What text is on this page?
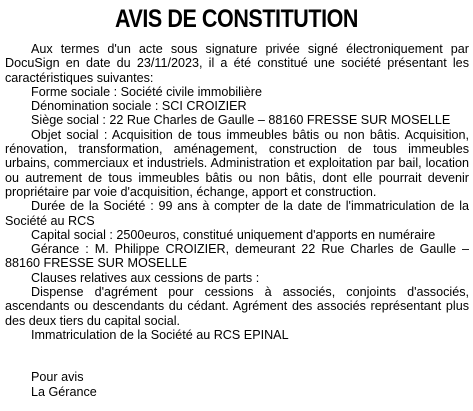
AVIS DE CONSTITUTION

Aux termes d'un acte sous signature privée signé électroniquement par DocuSign en date du 23/11/2023, il a été constitué une société présentant les caractéristiques suivantes:

Forme sociale : Société civile immobilière

Dénomination sociale : SCI CROIZIER

Siège social : 22 Rue Charles de Gaulle – 88160 FRESSE SUR MOSELLE

Objet social : Acquisition de tous immeubles bâtis ou non bâtis. Acquisition, rénovation, transformation, aménagement, construction de tous immeubles urbains, commerciaux et industriels. Administration et exploitation par bail, location ou autrement de tous immeubles bâtis ou non bâtis, dont elle pourrait devenir propriétaire par voie d'acquisition, échange, apport et construction.

Durée de la Société : 99 ans à compter de la date de l'immatriculation de la Société au RCS

Capital social : 2500euros, constitué uniquement d'apports en numéraire

Gérance : M. Philippe CROIZIER, demeurant 22 Rue Charles de Gaulle – 88160 FRESSE SUR MOSELLE

Clauses relatives aux cessions de parts :

Dispense d'agrément pour cessions à associés, conjoints d'associés, ascendants ou descendants du cédant. Agrément des associés représentant plus des deux tiers du capital social.

Immatriculation de la Société au RCS EPINAL

Pour avis

La Gérance
